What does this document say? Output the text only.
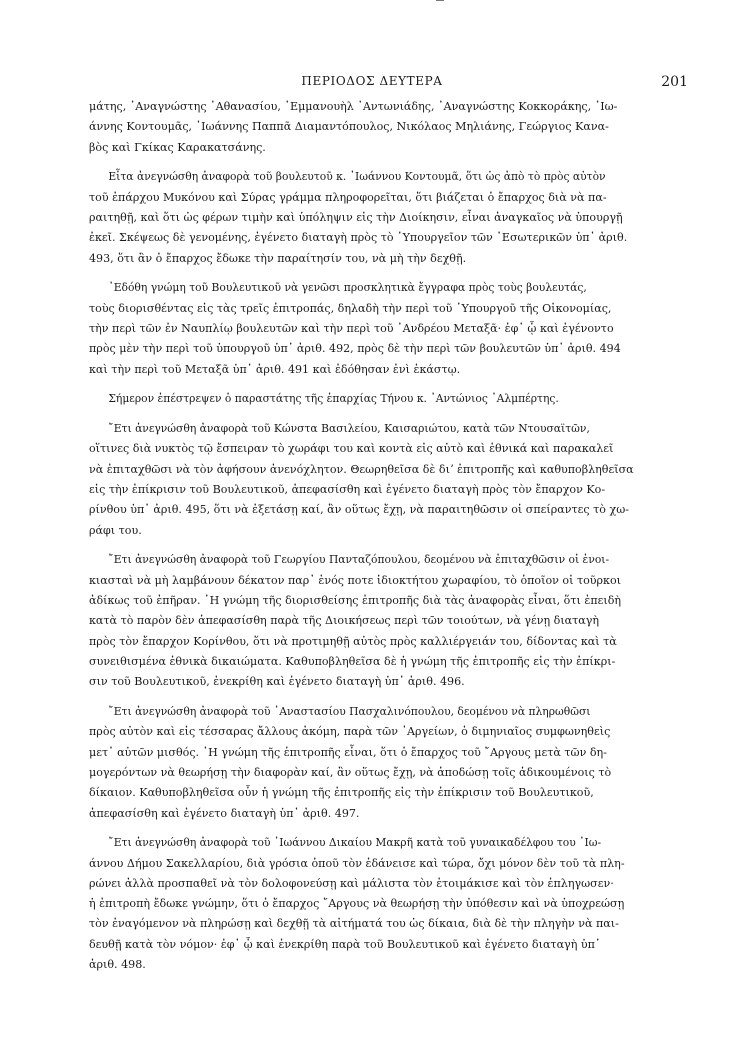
ΠΕΡΙΟΔΟΣ ΔΕΥΤΕΡΑ	201

μάτης, ᾿Αναγνώστης ᾿Αθανασίου, ᾿Εμμανουὴλ ᾿Αντωνιάδης, ᾿Αναγνώστης Κοκκοράκης, ᾿Ιω-
άννης Κοντουμᾶς, ᾿Ιωάννης Παππᾶ Διαμαντόπουλος, Νικόλαος Μηλιάνης, Γεώργιος Κανα-
βὸς καὶ Γκίκας Καρακατσάνης.

Εἶτα ἀνεγνώσθη ἀναφορὰ τοῦ βουλευτοῦ κ. ᾿Ιωάννου Κοντουμᾶ, ὅτι ὡς ἀπὸ τὸ πρὸς αὐτὸν
τοῦ ἐπάρχου Μυκόνου καὶ Σύρας γράμμα πληροφορεῖται, ὅτι βιάζεται ὁ ἔπαρχος διὰ νὰ πα-
ραιτηθῇ, καὶ ὅτι ὡς φέρων τιμὴν καὶ ὑπόληψιν εἰς τὴν Διοίκησιν, εἶναι ἀναγκαῖος νὰ ὑπουργῇ
ἐκεῖ. Σκέψεως δὲ γενομένης, ἐγένετο διαταγὴ πρὸς τὸ ῾Υπουργεῖον τῶν ᾿Εσωτερικῶν ὑπ᾿ ἀριθ.
493, ὅτι ἂν ὁ ἔπαρχος ἔδωκε τὴν παραίτησίν του, νὰ μὴ τὴν δεχθῇ.

᾿Εδόθη γνώμη τοῦ Βουλευτικοῦ νὰ γενῶσι προσκλητικὰ ἔγγραφα πρὸς τοὺς βουλευτάς,
τοὺς διορισθέντας εἰς τὰς τρεῖς ἐπιτροπάς, δηλαδὴ τὴν περὶ τοῦ ῾Υπουργοῦ τῆς Οἰκονομίας,
τὴν περὶ τῶν ἐν Ναυπλίῳ βουλευτῶν καὶ τὴν περὶ τοῦ ᾿Ανδρέου Μεταξᾶ· ἐφ᾿ ᾧ καὶ ἐγένοντο
πρὸς μὲν τὴν περὶ τοῦ ὑπουργοῦ ὑπ᾿ ἀριθ. 492, πρὸς δὲ τὴν περὶ τῶν βουλευτῶν ὑπ᾿ ἀριθ. 494
καὶ τὴν περὶ τοῦ Μεταξᾶ ὑπ᾿ ἀριθ. 491 καὶ ἐδόθησαν ἐνὶ ἑκάστῳ.

Σήμερον ἐπέστρεψεν ὁ παραστάτης τῆς ἐπαρχίας Τήνου κ. ᾿Αντώνιος ᾿Αλμπέρτης.

῎Ετι ἀνεγνώσθη ἀναφορὰ τοῦ Κώνστα Βασιλείου, Καισαριώτου, κατὰ τῶν Ντουσαϊτῶν,
οἵτινες διὰ νυκτὸς τῷ ἔσπειραν τὸ χωράφι του καὶ κοντὰ εἰς αὐτὸ καὶ ἐθνικά καὶ παρακαλεῖ
νὰ ἐπιταχθῶσι νὰ τὸν ἀφήσουν ἀνενόχλητον. Θεωρηθεῖσα δὲ διʼ ἐπιτροπῆς καὶ καθυποβληθεῖσα
εἰς τὴν ἐπίκρισιν τοῦ Βουλευτικοῦ, ἀπεφασίσθη καὶ ἐγένετο διαταγὴ πρὸς τὸν ἔπαρχον Κο-
ρίνθου ὑπ᾿ ἀριθ. 495, ὅτι νὰ ἐξετάσῃ καί, ἂν οὕτως ἔχῃ, νὰ παραιτηθῶσιν οἱ σπείραντες τὸ χω-
ράφι του.

῎Ετι ἀνεγνώσθη ἀναφορὰ τοῦ Γεωργίου Πανταζόπουλου, δεομένου νὰ ἐπιταχθῶσιν οἱ ἐνοι-
κιασταὶ νὰ μὴ λαμβάνουν δέκατον παρ᾿ ἑνός ποτε ἰδιοκτήτου χωραφίου, τὸ ὁποῖον οἱ τοῦρκοι
ἀδίκως τοῦ ἐπῆραν. ῾Η γνώμη τῆς διορισθείσης ἐπιτροπῆς διὰ τὰς ἀναφορὰς εἶναι, ὅτι ἐπειδὴ
κατὰ τὸ παρὸν δὲν ἀπεφασίσθη παρὰ τῆς Διοικήσεως περὶ τῶν τοιούτων, νὰ γένῃ διαταγὴ
πρὸς τὸν ἔπαρχον Κορίνθου, ὅτι νὰ προτιμηθῇ αὐτὸς πρὸς καλλιέργειάν του, δίδοντας καὶ τὰ
συνειθισμένα ἐθνικὰ δικαιώματα. Καθυποβληθεῖσα δὲ ἡ γνώμη τῆς ἐπιτροπῆς εἰς τὴν ἐπίκρι-
σιν τοῦ Βουλευτικοῦ, ἐνεκρίθη καὶ ἐγένετο διαταγὴ ὑπ᾿ ἀριθ. 496.

῎Ετι ἀνεγνώσθη ἀναφορὰ τοῦ ᾿Αναστασίου Πασχαλινόπουλου, δεομένου νὰ πληρωθῶσι
πρὸς αὐτὸν καὶ εἰς τέσσαρας ἄλλους ἀκόμη, παρὰ τῶν ᾿Αργείων, ὁ διμηνιαῖος συμφωνηθεὶς
μετ᾿ αὐτῶν μισθός. ῾Η γνώμη τῆς ἐπιτροπῆς εἶναι, ὅτι ὁ ἔπαρχος τοῦ ῎Αργους μετὰ τῶν δη-
μογερόντων νὰ θεωρήσῃ τὴν διαφορὰν καί, ἂν οὕτως ἔχῃ, νὰ ἀποδώσῃ τοῖς ἀδικουμένοις τὸ
δίκαιον. Καθυποβληθεῖσα οὖν ἡ γνώμη τῆς ἐπιτροπῆς εἰς τὴν ἐπίκρισιν τοῦ Βουλευτικοῦ,
ἀπεφασίσθη καὶ ἐγένετο διαταγὴ ὑπ᾿ ἀριθ. 497.

῎Ετι ἀνεγνώσθη ἀναφορὰ τοῦ ᾿Ιωάννου Δικαίου Μακρῆ κατὰ τοῦ γυναικαδέλφου του ᾿Ιω-
άννου Δήμου Σακελλαρίου, διὰ γρόσια ὁποῦ τὸν ἐδάνεισε καὶ τώρα, ὄχι μόνον δὲν τοῦ τὰ πλη-
ρώνει ἀλλὰ προσπαθεῖ νὰ τὸν δολοφονεύσῃ καὶ μάλιστα τὸν ἑτοιμάκισε καὶ τὸν ἐπληγωσεν·
ἡ ἐπιτροπὴ ἔδωκε γνώμην, ὅτι ὁ ἔπαρχος ῎Αργους νὰ θεωρήσῃ τὴν ὑπόθεσιν καὶ νὰ ὑποχρεώσῃ
τὸν ἐναγόμενον νὰ πληρώσῃ καὶ δεχθῇ τὰ αἰτήματά του ὡς δίκαια, διὰ δὲ τὴν πληγὴν νὰ παι-
δευθῇ κατὰ τὸν νόμον· ἐφ᾿ ᾧ καὶ ἐνεκρίθη παρὰ τοῦ Βουλευτικοῦ καὶ ἐγένετο διαταγὴ ὑπ᾿
ἀριθ. 498.
